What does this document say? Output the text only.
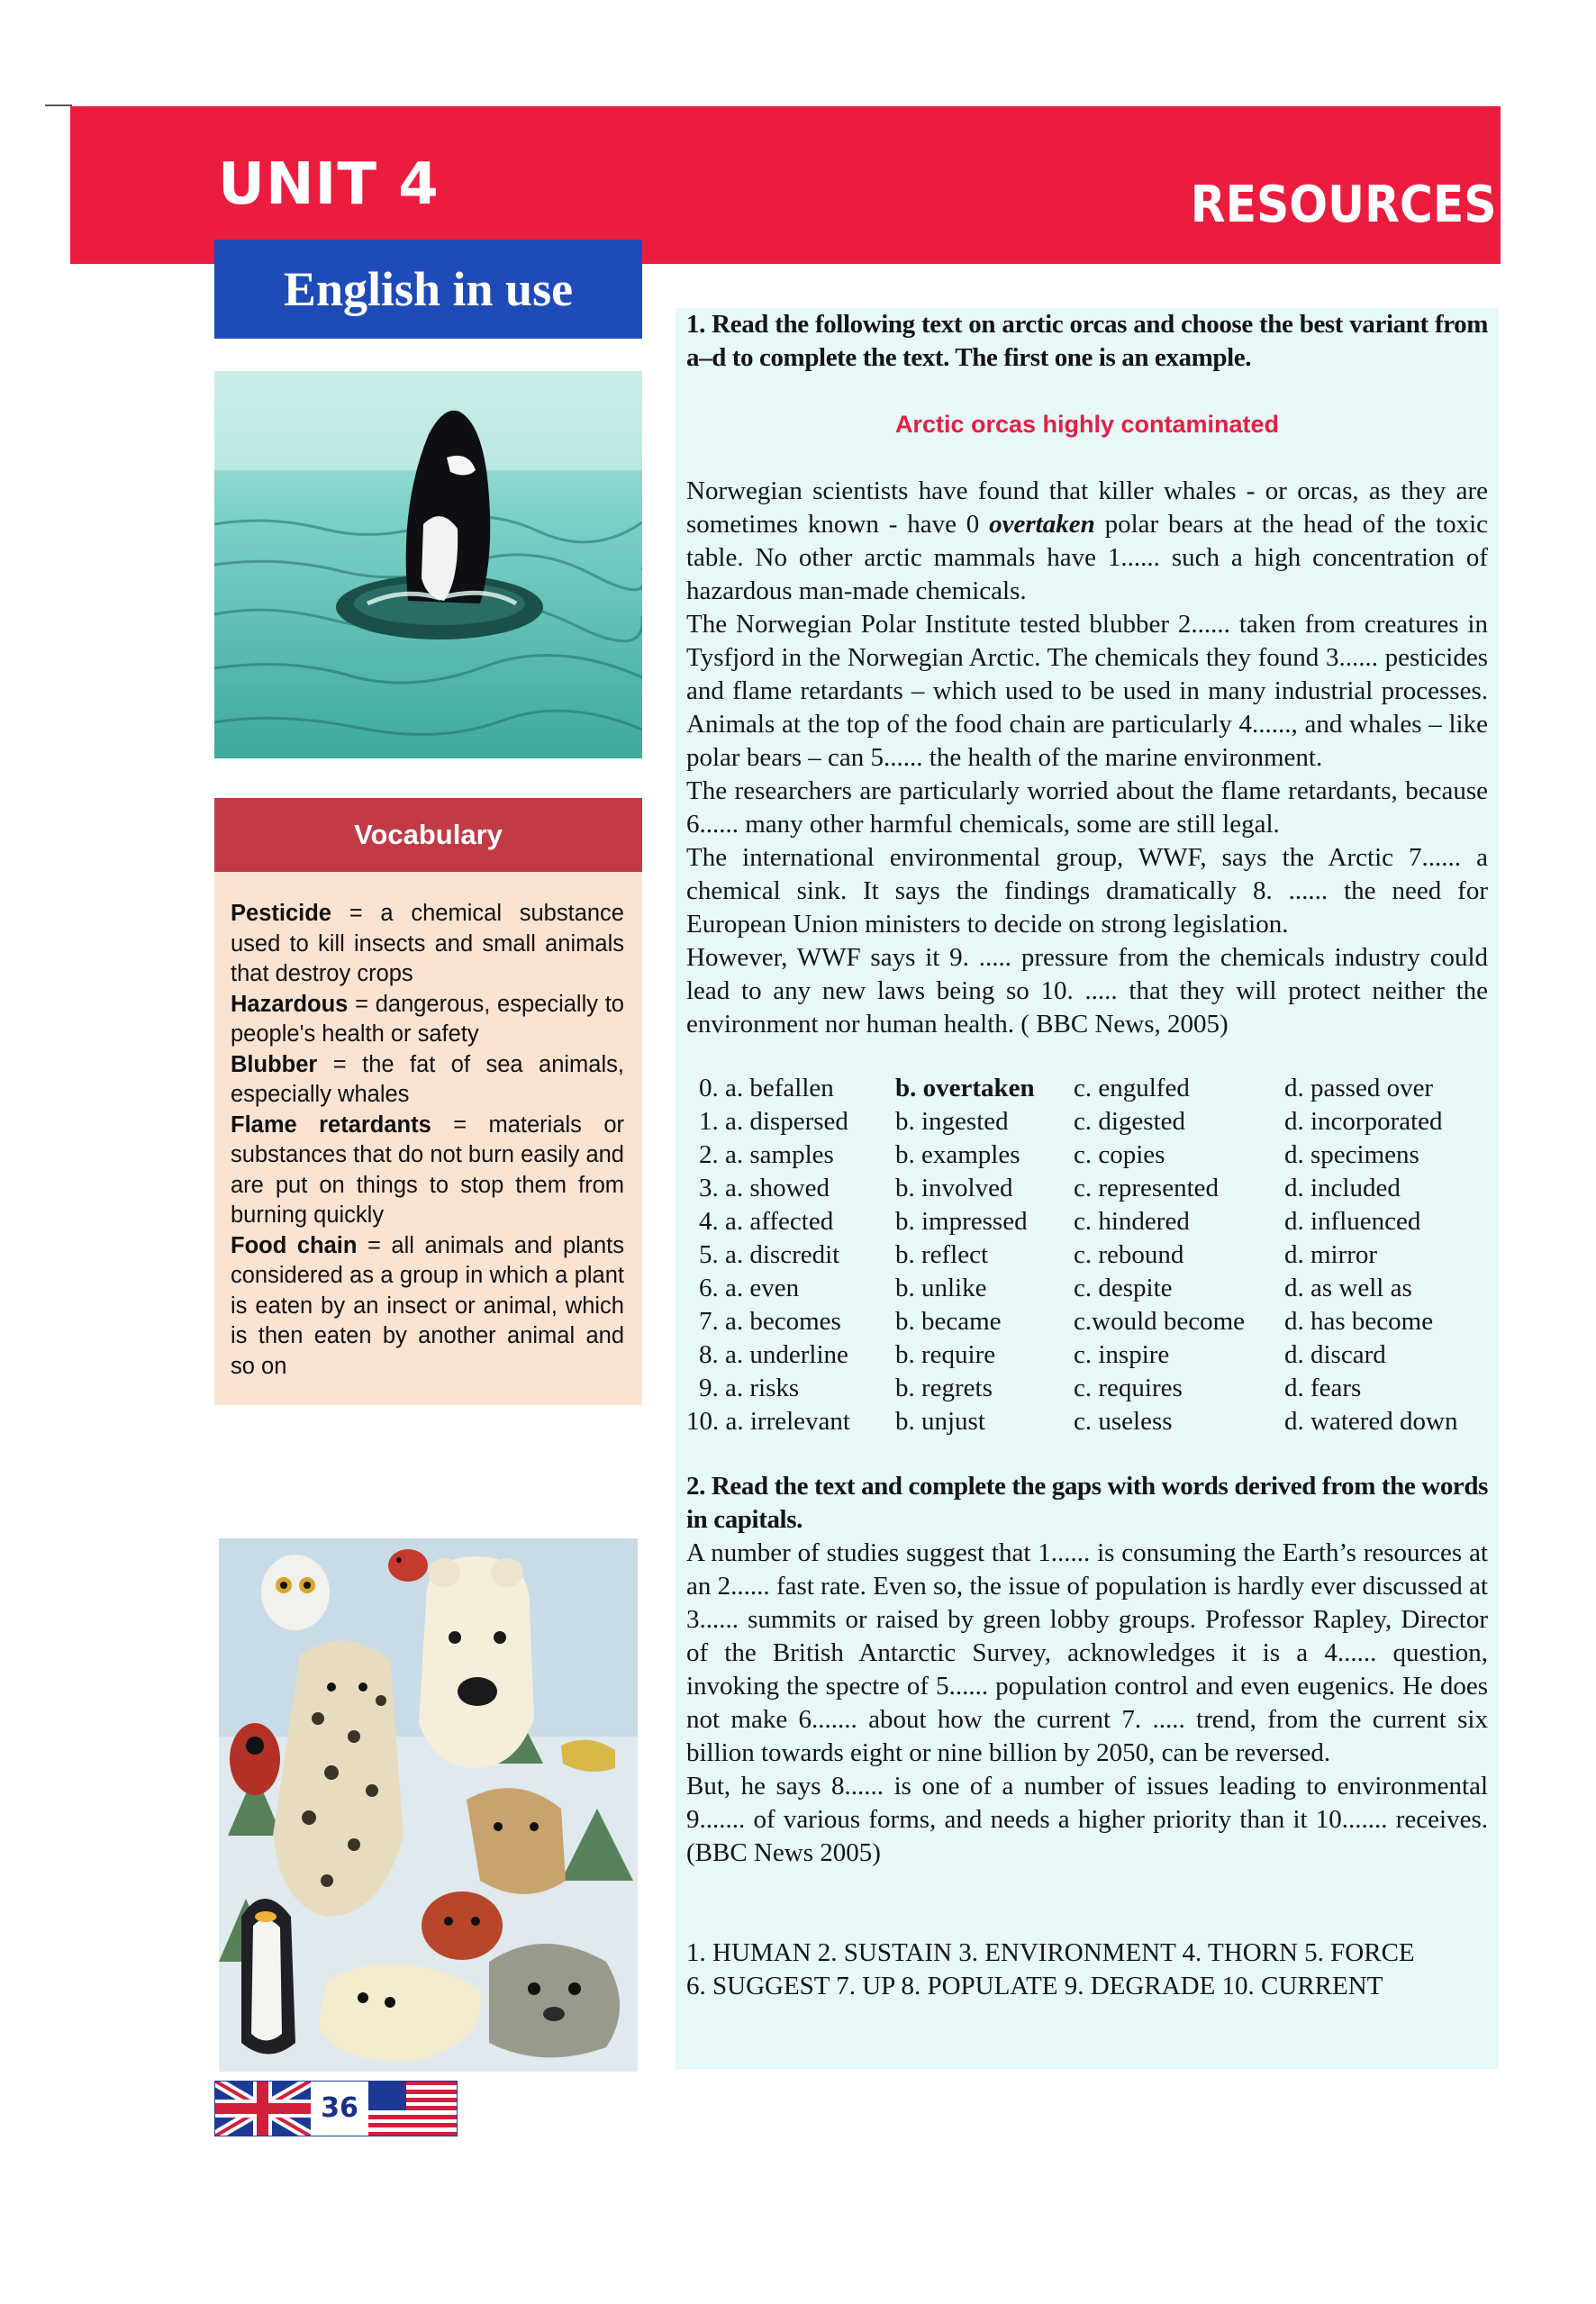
UNIT 4	RESOURCES
English in use
Vocabulary
Pesticide = a chemical substance used to kill insects and small animals that destroy crops
Hazardous = dangerous, especially to people's health or safety
Blubber = the fat of sea animals, especially whales
Flame retardants = materials or substances that do not burn easily and are put on things to stop them from burning quickly
Food chain = all animals and plants considered as a group in which a plant is eaten by an insect or animal, which is then eaten by another animal and so on
36
1. Read the following text on arctic orcas and choose the best variant from a–d to complete the text. The first one is an example.
Arctic orcas highly contaminated
Norwegian scientists have found that killer whales - or orcas, as they are sometimes known - have 0 overtaken polar bears at the head of the toxic table. No other arctic mammals have 1...... such a high concentration of hazardous man-made chemicals.
The Norwegian Polar Institute tested blubber 2...... taken from creatures in Tysfjord in the Norwegian Arctic. The chemicals they found 3...... pesticides and flame retardants – which used to be used in many industrial processes. Animals at the top of the food chain are particularly 4......, and whales – like polar bears – can 5...... the health of the marine environment.
The researchers are particularly worried about the flame retardants, because 6...... many other harmful chemicals, some are still legal.
The international environmental group, WWF, says the Arctic 7...... a chemical sink. It says the findings dramatically 8. ...... the need for European Union ministers to decide on strong legislation.
However, WWF says it 9. ..... pressure from the chemicals industry could lead to any new laws being so 10. ..... that they will protect neither the environment nor human health. ( BBC News, 2005)
0. a. befallen b. overtaken c. engulfed	d. passed over
1. a. dispersed b. ingested c. digested	d. incorporated
2. a. samples b. examples c. copies	d. specimens
3. a. showed	b. involved c. represented	d. included
4. a. affected b. impressed c. hindered	d. influenced
5. a. discredit b. reflect	c. rebound	d. mirror
6. a. even	b. unlike	c. despite	d. as well as
7. a. becomes b. became	c.would become d. has become
8. a. underline b. require	c. inspire	d. discard
9. a. risks	b. regrets	c. requires	d. fears
10. a. irrelevant b. unjust	c. useless	d. watered down
2. Read the text and complete the gaps with words derived from the words in capitals.
A number of studies suggest that 1...... is consuming the Earth’s resources at an 2...... fast rate. Even so, the issue of population is hardly ever discussed at 3...... summits or raised by green lobby groups. Professor Rapley, Director of the British Antarctic Survey, acknowledges it is a 4...... question, invoking the spectre of 5...... population control and even eugenics. He does not make 6....... about how the current 7. ..... trend, from the current six billion towards eight or nine billion by 2050, can be reversed.
But, he says 8...... is one of a number of issues leading to environmental 9....... of various forms, and needs a higher priority than it 10....... receives. (BBC News 2005)
1. HUMAN 2. SUSTAIN 3. ENVIRONMENT 4. THORN 5. FORCE
6. SUGGEST 7. UP 8. POPULATE 9. DEGRADE 10. CURRENT
